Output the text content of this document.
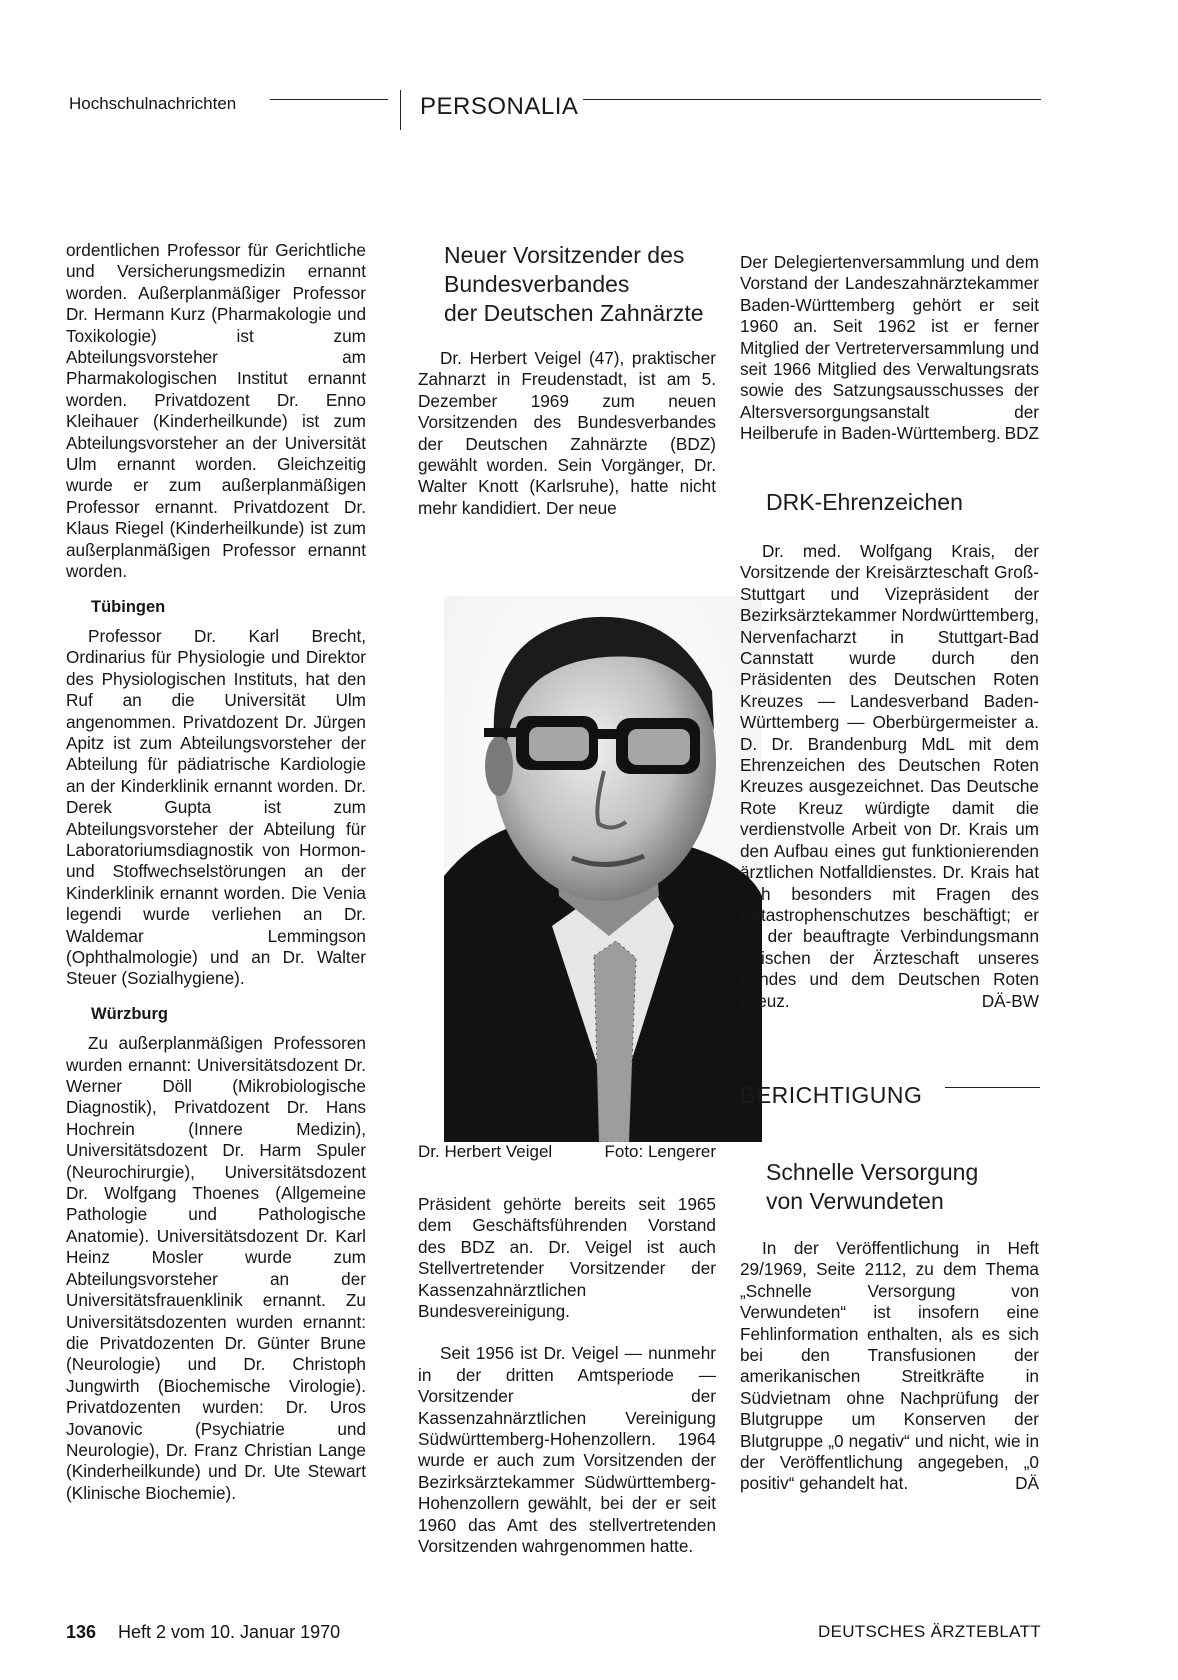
Hochschulnachrichten	PERSONALIA

ordentlichen Professor für Gerichtliche und Versicherungsmedizin ernannt worden. Außerplanmäßiger Professor Dr. Hermann Kurz (Pharmakologie und Toxikologie) ist zum Abteilungsvorsteher am Pharmakologischen Institut ernannt worden. Privatdozent Dr. Enno Kleihauer (Kinderheilkunde) ist zum Abteilungsvorsteher an der Universität Ulm ernannt worden. Gleichzeitig wurde er zum außerplanmäßigen Professor ernannt. Privatdozent Dr. Klaus Riegel (Kinderheilkunde) ist zum außerplanmäßigen Professor ernannt worden.

Tübingen

Professor Dr. Karl Brecht, Ordinarius für Physiologie und Direktor des Physiologischen Instituts, hat den Ruf an die Universität Ulm angenommen. Privatdozent Dr. Jürgen Apitz ist zum Abteilungsvorsteher der Abteilung für pädiatrische Kardiologie an der Kinderklinik ernannt worden. Dr. Derek Gupta ist zum Abteilungsvorsteher der Abteilung für Laboratoriumsdiagnostik von Hormon- und Stoffwechselstörungen an der Kinderklinik ernannt worden. Die Venia legendi wurde verliehen an Dr. Waldemar Lemmingson (Ophthalmologie) und an Dr. Walter Steuer (Sozialhygiene).

Würzburg

Zu außerplanmäßigen Professoren wurden ernannt: Universitätsdozent Dr. Werner Döll (Mikrobiologische Diagnostik), Privatdozent Dr. Hans Hochrein (Innere Medizin), Universitätsdozent Dr. Harm Spuler (Neurochirurgie), Universitätsdozent Dr. Wolfgang Thoenes (Allgemeine Pathologie und Pathologische Anatomie). Universitätsdozent Dr. Karl Heinz Mosler wurde zum Abteilungsvorsteher an der Universitätsfrauenklinik ernannt. Zu Universitätsdozenten wurden ernannt: die Privatdozenten Dr. Günter Brune (Neurologie) und Dr. Christoph Jungwirth (Biochemische Virologie). Privatdozenten wurden: Dr. Uros Jovanovic (Psychiatrie und Neurologie), Dr. Franz Christian Lange (Kinderheilkunde) und Dr. Ute Stewart (Klinische Biochemie).

Neuer Vorsitzender des
Bundesverbandes
der Deutschen Zahnärzte

Dr. Herbert Veigel (47), praktischer Zahnarzt in Freudenstadt, ist am 5. Dezember 1969 zum neuen Vorsitzenden des Bundesverbandes der Deutschen Zahnärzte (BDZ) gewählt worden. Sein Vorgänger, Dr. Walter Knott (Karlsruhe), hatte nicht mehr kandidiert. Der neue

Dr. Herbert Veigel	Foto: Lengerer

Präsident gehörte bereits seit 1965 dem Geschäftsführenden Vorstand des BDZ an. Dr. Veigel ist auch Stellvertretender Vorsitzender der Kassenzahnärztlichen Bundesvereinigung.

Seit 1956 ist Dr. Veigel — nunmehr in der dritten Amtsperiode — Vorsitzender der Kassenzahnärztlichen Vereinigung Südwürttemberg-Hohenzollern. 1964 wurde er auch zum Vorsitzenden der Bezirksärztekammer Südwürttemberg-Hohenzollern gewählt, bei der er seit 1960 das Amt des stellvertretenden Vorsitzenden wahrgenommen hatte.

Der Delegiertenversammlung und dem Vorstand der Landeszahnärztekammer Baden-Württemberg gehört er seit 1960 an. Seit 1962 ist er ferner Mitglied der Vertreterversammlung und seit 1966 Mitglied des Verwaltungsrats sowie des Satzungsausschusses der Altersversorgungsanstalt der Heilberufe in Baden-Württemberg. BDZ

DRK-Ehrenzeichen

Dr. med. Wolfgang Krais, der Vorsitzende der Kreisärzteschaft Groß-Stuttgart und Vizepräsident der Bezirksärztekammer Nordwürttemberg, Nervenfacharzt in Stuttgart-Bad Cannstatt wurde durch den Präsidenten des Deutschen Roten Kreuzes — Landesverband Baden-Württemberg — Oberbürgermeister a. D. Dr. Brandenburg MdL mit dem Ehrenzeichen des Deutschen Roten Kreuzes ausgezeichnet. Das Deutsche Rote Kreuz würdigte damit die verdienstvolle Arbeit von Dr. Krais um den Aufbau eines gut funktionierenden ärztlichen Notfalldienstes. Dr. Krais hat sich besonders mit Fragen des Katastrophenschutzes beschäftigt; er ist der beauftragte Verbindungsmann zwischen der Ärzteschaft unseres Landes und dem Deutschen Roten Kreuz.	DÄ-BW

BERICHTIGUNG
Schnelle Versorgung
von Verwundeten

In der Veröffentlichung in Heft 29/1969, Seite 2112, zu dem Thema „Schnelle Versorgung von Verwundeten“ ist insofern eine Fehlinformation enthalten, als es sich bei den Transfusionen der amerikanischen Streitkräfte in Südvietnam ohne Nachprüfung der Blutgruppe um Konserven der Blutgruppe „0 negativ“ und nicht, wie in der Veröffentlichung angegeben, „0 positiv“ gehandelt hat.	DÄ

136 Heft 2 vom 10. Januar 1970	DEUTSCHES ÄRZTEBLATT
